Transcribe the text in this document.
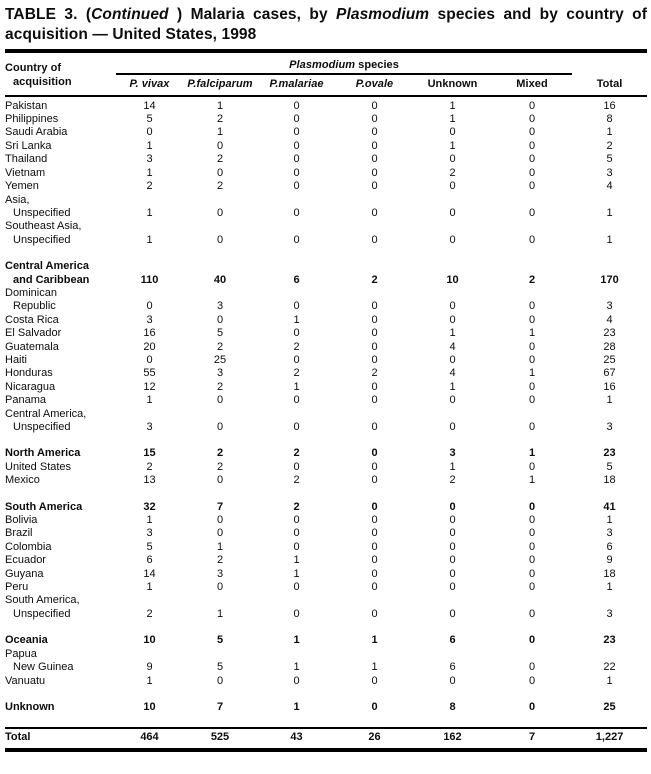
TABLE 3. (Continued ) Malaria cases, by Plasmodium species and by country of
acquisition — United States, 1998
Country of
acquisition	Plasmodium species						Total
	P. vivax	P.falciparum	P.malariae	P.ovale	Unknown	Mixed	

Pakistan	14	1	0	0	1	0	16

Philippines	5	2	0	0	1	0	8

Saudi Arabia	0	1	0	0	0	0	1

Sri Lanka	1	0	0	0	1	0	2

Thailand	3	2	0	0	0	0	5

Vietnam	1	0	0	0	2	0	3

Yemen	2	2	0	0	0	0	4

Asia,
Unspecified	1	0	0	0	0	0	1

Southeast Asia,
Unspecified	1	0	0	0	0	0	1

Central America
and Caribbean	110	40	6	2	10	2	170

Dominican
Republic	0	3	0	0	0	0	3

Costa Rica	3	0	1	0	0	0	4

El Salvador	16	5	0	0	1	1	23

Guatemala	20	2	2	0	4	0	28

Haiti	0	25	0	0	0	0	25

Honduras	55	3	2	2	4	1	67

Nicaragua	12	2	1	0	1	0	16

Panama	1	0	0	0	0	0	1

Central America,
Unspecified	3	0	0	0	0	0	3

North America	15	2	2	0	3	1	23

United States	2	2	0	0	1	0	5

Mexico	13	0	2	0	2	1	18

South America	32	7	2	0	0	0	41

Bolivia	1	0	0	0	0	0	1

Brazil	3	0	0	0	0	0	3

Colombia	5	1	0	0	0	0	6

Ecuador	6	2	1	0	0	0	9

Guyana	14	3	1	0	0	0	18

Peru	1	0	0	0	0	0	1

South America,
Unspecified	2	1	0	0	0	0	3

Oceania	10	5	1	1	6	0	23

Papua
New Guinea	9	5	1	1	6	0	22

Vanuatu	1	0	0	0	0	0	1

Unknown	10	7	1	0	8	0	25

Total	464	525	43	26	162	7	1,227
